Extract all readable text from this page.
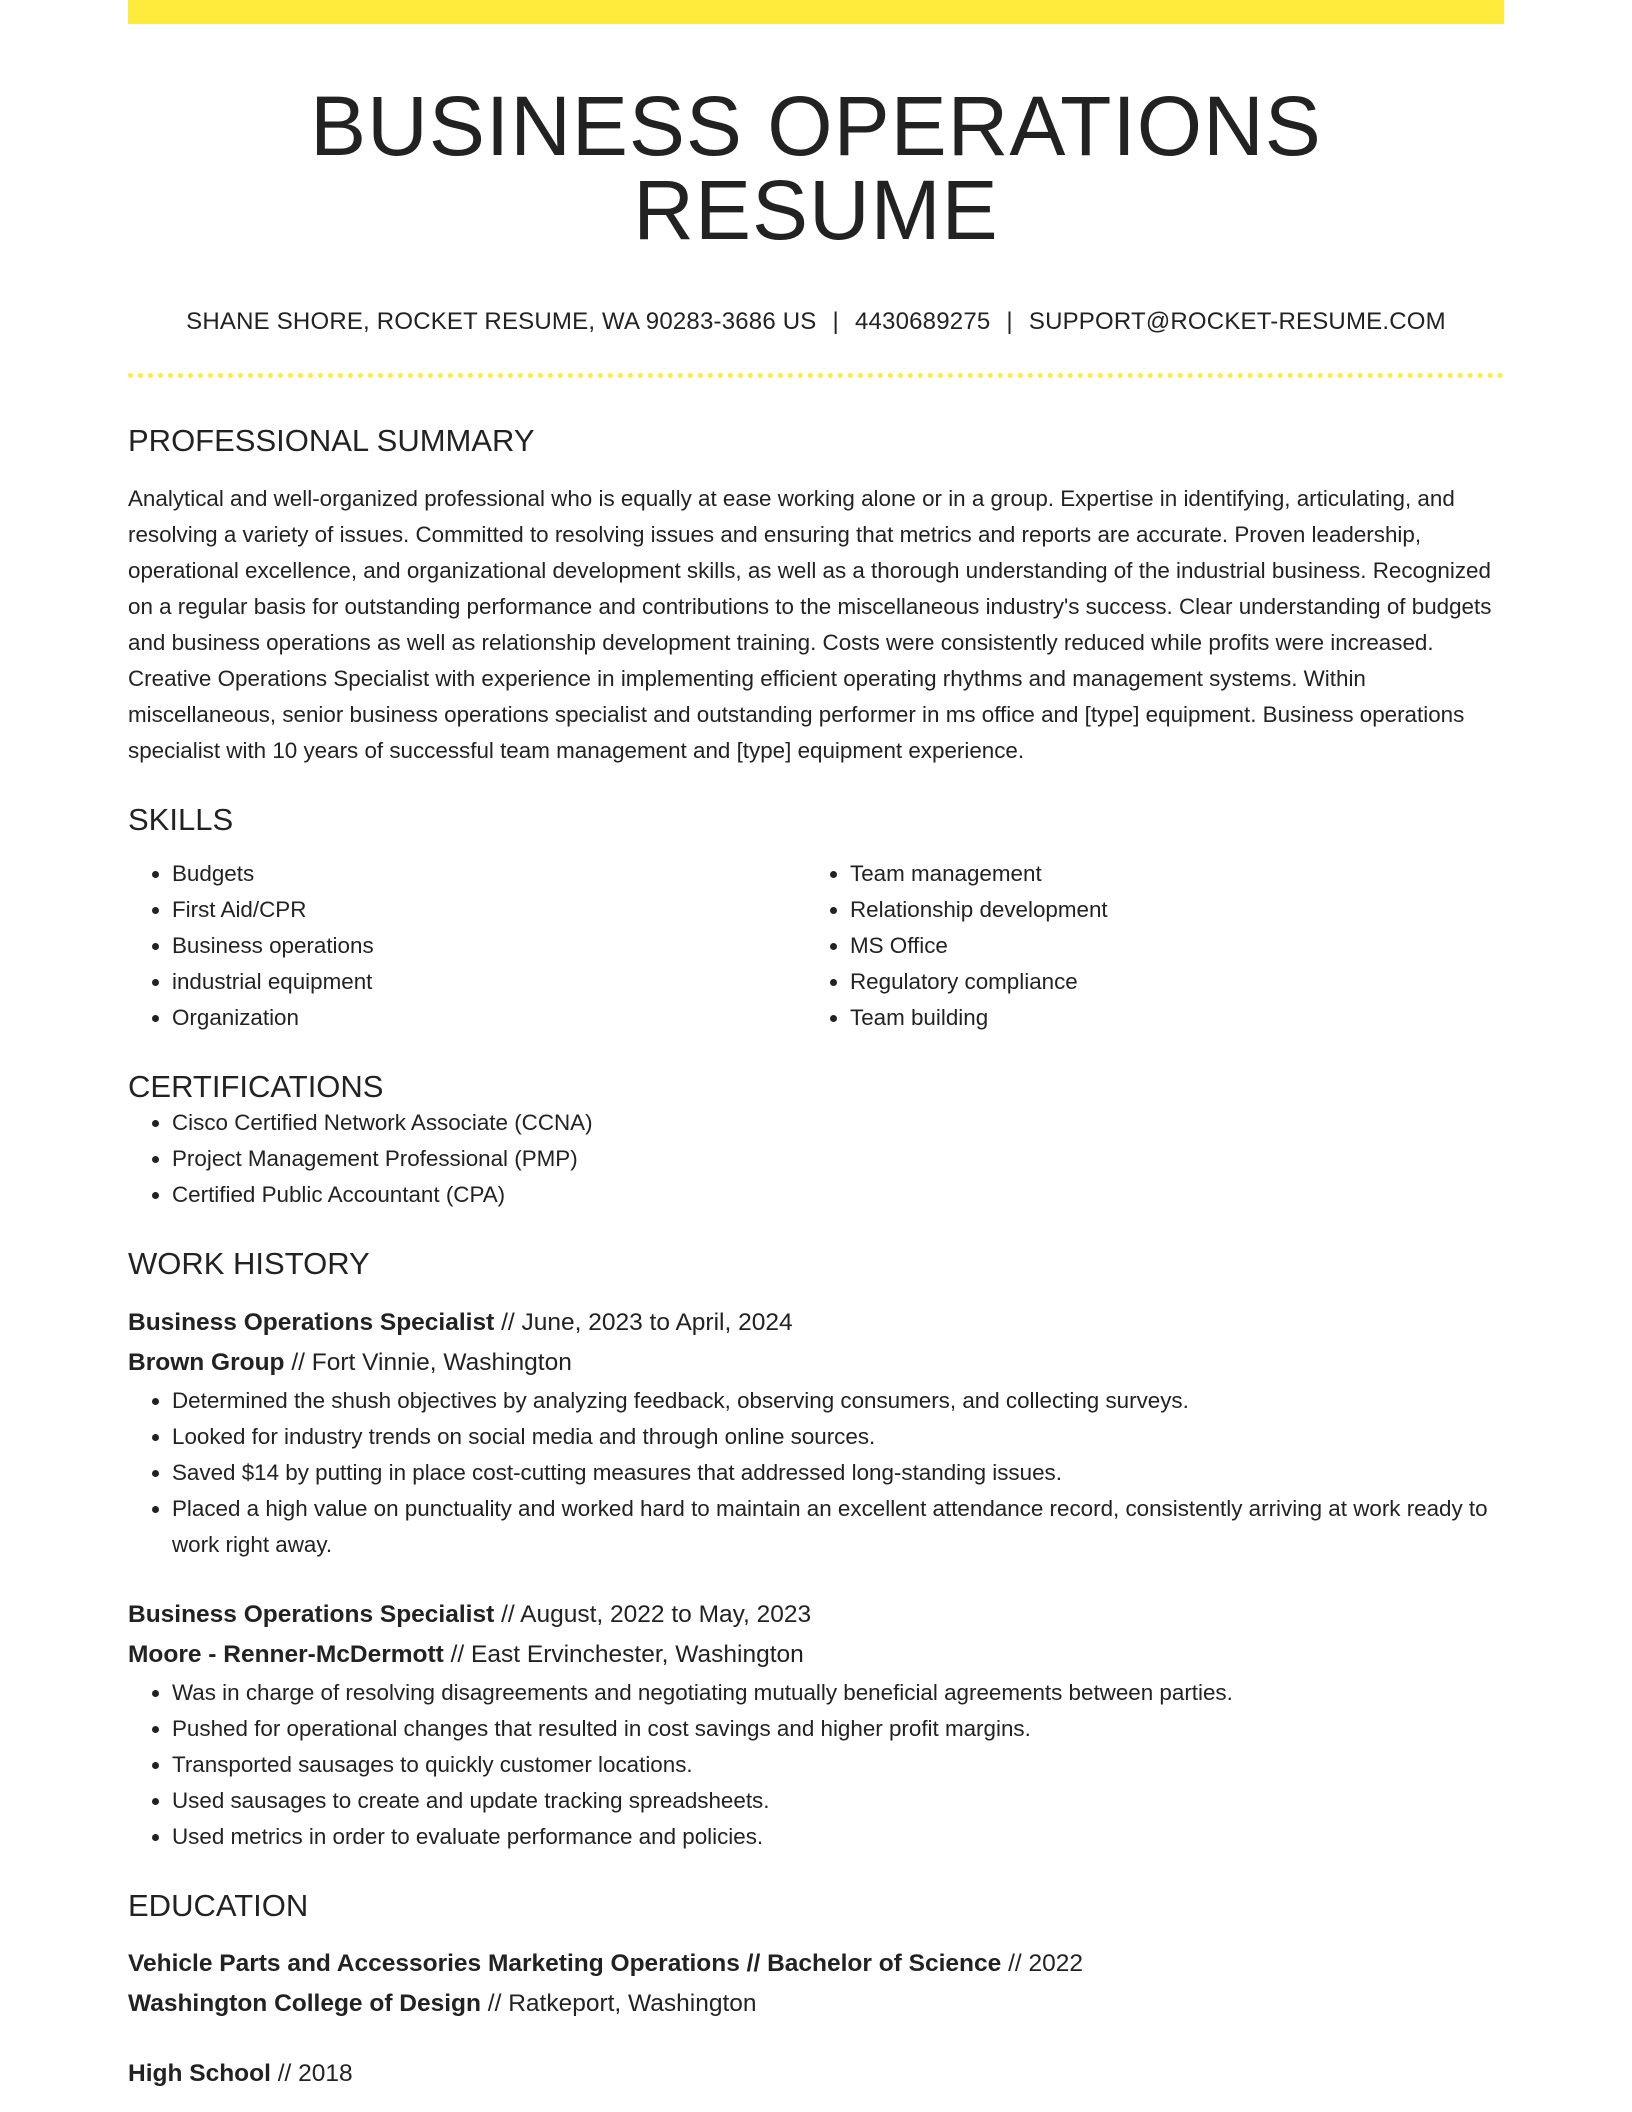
BUSINESS OPERATIONS RESUME
SHANE SHORE, ROCKET RESUME, WA 90283-3686 US | 4430689275 | SUPPORT@ROCKET-RESUME.COM
PROFESSIONAL SUMMARY

Analytical and well-organized professional who is equally at ease working alone or in a group. Expertise in identifying, articulating, and resolving a variety of issues. Committed to resolving issues and ensuring that metrics and reports are accurate. Proven leadership, operational excellence, and organizational development skills, as well as a thorough understanding of the industrial business. Recognized on a regular basis for outstanding performance and contributions to the miscellaneous industry's success. Clear understanding of budgets and business operations as well as relationship development training. Costs were consistently reduced while profits were increased. Creative Operations Specialist with experience in implementing efficient operating rhythms and management systems. Within miscellaneous, senior business operations specialist and outstanding performer in ms office and [type] equipment. Business operations specialist with 10 years of successful team management and [type] equipment experience.

SKILLS
• Budgets
• First Aid/CPR
• Business operations
• industrial equipment
• Organization
• Team management
• Relationship development
• MS Office
• Regulatory compliance
• Team building
CERTIFICATIONS
• Cisco Certified Network Associate (CCNA)
• Project Management Professional (PMP)
• Certified Public Accountant (CPA)
WORK HISTORY
Business Operations Specialist // June, 2023 to April, 2024
Brown Group // Fort Vinnie, Washington
• Determined the shush objectives by analyzing feedback, observing consumers, and collecting surveys.
• Looked for industry trends on social media and through online sources.
• Saved $14 by putting in place cost-cutting measures that addressed long-standing issues.
• Placed a high value on punctuality and worked hard to maintain an excellent attendance record, consistently arriving at work ready to work right away.
Business Operations Specialist // August, 2022 to May, 2023
Moore - Renner-McDermott // East Ervinchester, Washington
• Was in charge of resolving disagreements and negotiating mutually beneficial agreements between parties.
• Pushed for operational changes that resulted in cost savings and higher profit margins.
• Transported sausages to quickly customer locations.
• Used sausages to create and update tracking spreadsheets.
• Used metrics in order to evaluate performance and policies.
EDUCATION
Vehicle Parts and Accessories Marketing Operations // Bachelor of Science // 2022
Washington College of Design // Ratkeport, Washington
High School // 2018
